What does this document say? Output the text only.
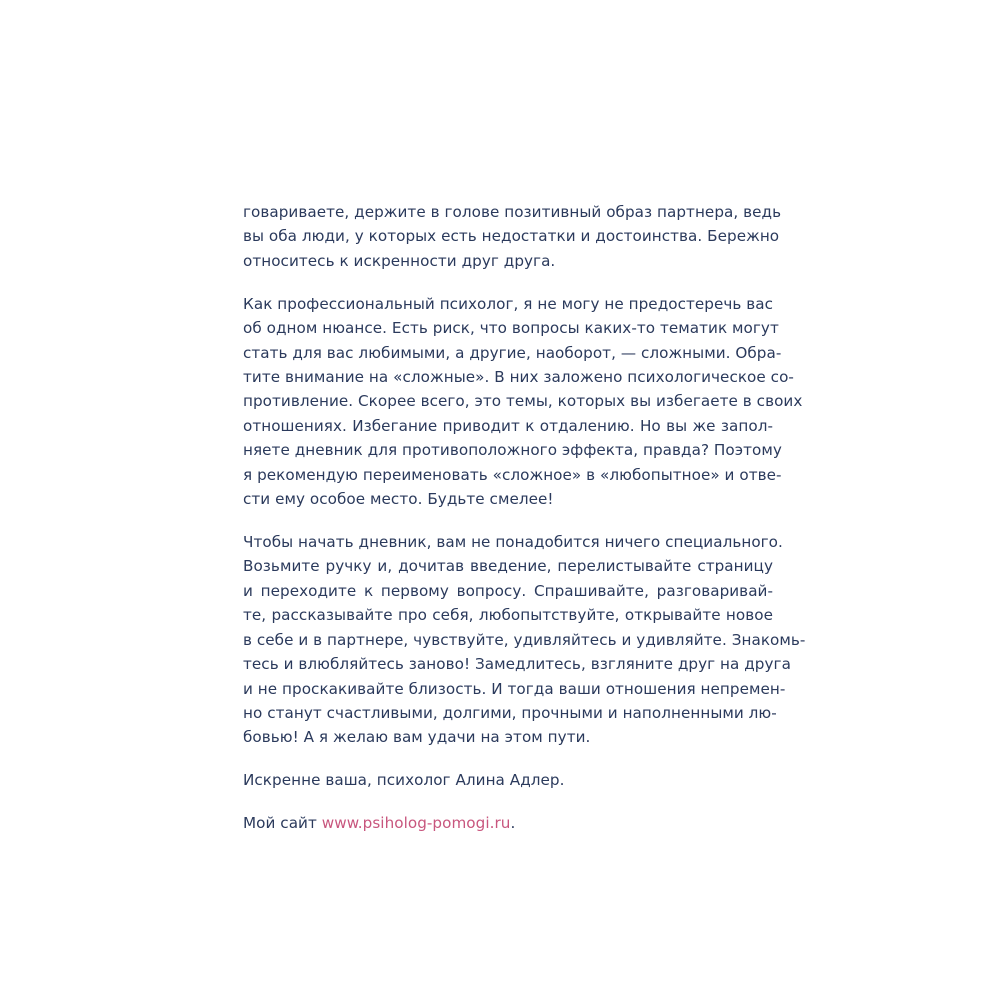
говариваете, держите в голове позитивный образ партнера, ведь
вы оба люди, у которых есть недостатки и достоинства. Бережно
относитесь к искренности друг друга.

Как профессиональный психолог, я не могу не предостеречь вас
об одном нюансе. Есть риск, что вопросы каких-то тематик могут
стать для вас любимыми, а другие, наоборот, — сложными. Обра-
тите внимание на «сложные». В них заложено психологическое со-
противление. Скорее всего, это темы, которых вы избегаете в своих
отношениях. Избегание приводит к отдалению. Но вы же запол-
няете дневник для противоположного эффекта, правда? Поэтому
я рекомендую переименовать «сложное» в «любопытное» и отве-
сти ему особое место. Будьте смелее!

Чтобы начать дневник, вам не понадобится ничего специального.
Возьмите ручку и, дочитав введение, перелистывайте страницу
и переходите к первому вопросу. Спрашивайте, разговаривай-
те, рассказывайте про себя, любопытствуйте, открывайте новое
в себе и в партнере, чувствуйте, удивляйтесь и удивляйте. Знакомь-
тесь и влюбляйтесь заново! Замедлитесь, взгляните друг на друга
и не проскакивайте близость. И тогда ваши отношения непремен-
но станут счастливыми, долгими, прочными и наполненными лю-
бовью! А я желаю вам удачи на этом пути.

Искренне ваша, психолог Алина Адлер.

Мой сайт www.psiholog-pomogi.ru.
